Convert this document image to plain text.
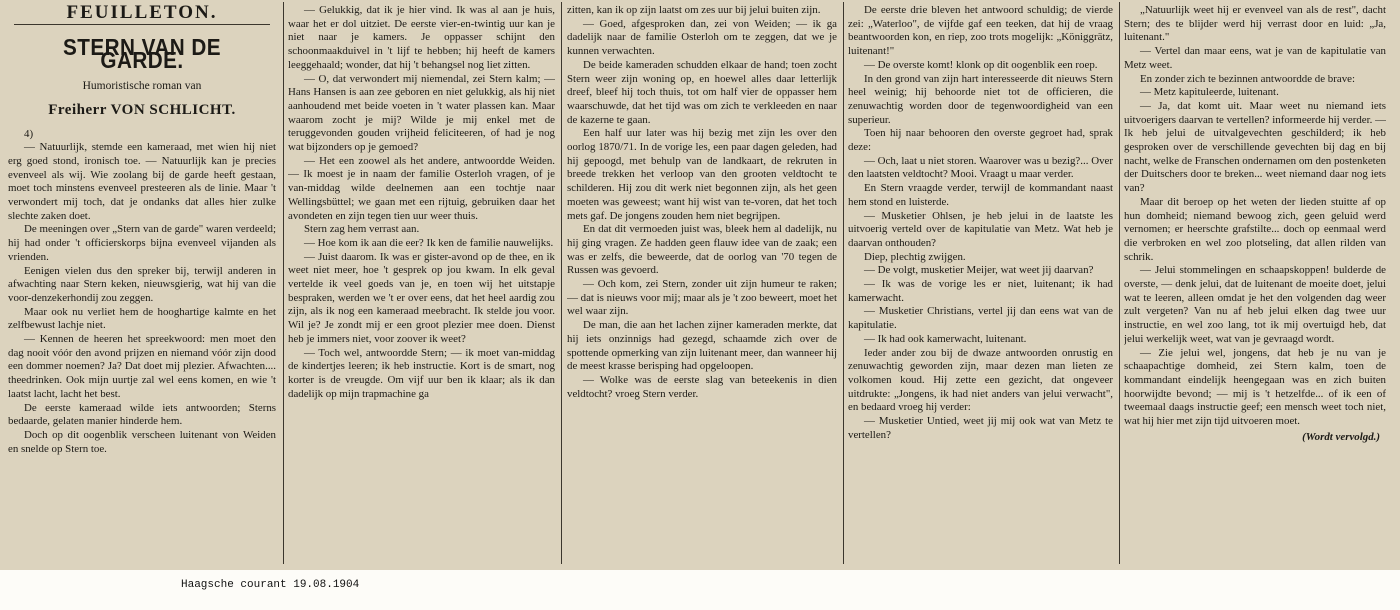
FEUILLETON.
STERN VAN DE GARDE.
Humoristische roman van
Freiherr VON SCHLICHT.

4)

— Natuurlijk, stemde een kameraad, met wien hij niet erg goed stond, ironisch toe. — Natuurlijk kan je precies evenveel als wij. Wie zoolang bij de garde heeft gestaan, moet toch minstens evenveel presteeren als de linie. Maar 't verwondert mij toch, dat je ondanks dat alles hier zulke slechte zaken doet.

De meeningen over „Stern van de garde" waren verdeeld; hij had onder 't officierskorps bijna evenveel vijanden als vrienden.

Eenigen vielen dus den spreker bij, terwijl anderen in afwachting naar Stern keken, nieuwsgierig, wat hij van die voor-denzekerhondij zou zeggen.

Maar ook nu verliet hem de hooghartige kalmte en het zelfbewust lachje niet.

— Kennen de heeren het spreekwoord: men moet den dag nooit vóór den avond prijzen en niemand vóór zijn dood een dommer noemen? Ja? Dat doet mij plezier. Afwachten.... theedrinken. Ook mijn uurtje zal wel eens komen, en wie 't laatst lacht, lacht het best.

De eerste kameraad wilde iets antwoorden; Sterns bedaarde, gelaten manier hinderde hem.

Doch op dit oogenblik verscheen luitenant von Weiden en snelde op Stern toe.

— Gelukkig, dat ik je hier vind. Ik was al aan je huis, waar het er dol uitziet. De eerste vier-en-twintig uur kan je niet naar je kamers. Je oppasser schijnt den schoonmaakduivel in 't lijf te hebben; hij heeft de kamers leeggehaald; wonder, dat hij 't behangsel nog liet zitten.

— O, dat verwondert mij niemendal, zei Stern kalm; — Hans Hansen is aan zee geboren en niet gelukkig, als hij niet aanhoudend met beide voeten in 't water plassen kan. Maar waarom zocht je mij? Wilde je mij enkel met de teruggevonden gouden vrijheid feliciteeren, of had je nog wat bijzonders op je gemoed?

— Het een zoowel als het andere, antwoordde Weiden. — Ik moest je in naam der familie Osterloh vragen, of je van-middag wilde deelnemen aan een tochtje naar Wellingsbüttel; we gaan met een rijtuig, gebruiken daar het avondeten en zijn tegen tien uur weer thuis.

Stern zag hem verrast aan.

— Hoe kom ik aan die eer? Ik ken de familie nauwelijks.

— Juist daarom. Ik was er gister-avond op de thee, en ik weet niet meer, hoe 't gesprek op jou kwam. In elk geval vertelde ik veel goeds van je, en toen wij het uitstapje bespraken, werden we 't er over eens, dat het heel aardig zou zijn, als ik nog een kameraad meebracht. Ik stelde jou voor. Wil je? Je zondt mij er een groot plezier mee doen. Dienst heb je immers niet, voor zoover ik weet?

— Toch wel, antwoordde Stern; — ik moet van-middag de kindertjes leeren; ik heb instructie. Kort is de smart, nog korter is de vreugde. Om vijf uur ben ik klaar; als ik dan dadelijk op mijn trapmachine ga

zitten, kan ik op zijn laatst om zes uur bij jelui buiten zijn.

— Goed, afgesproken dan, zei von Weiden; — ik ga dadelijk naar de familie Osterloh om te zeggen, dat we je kunnen verwachten.

De beide kameraden schudden elkaar de hand; toen zocht Stern weer zijn woning op, en hoewel alles daar letterlijk dreef, bleef hij toch thuis, tot om half vier de oppasser hem waarschuwde, dat het tijd was om zich te verkleeden en naar de kazerne te gaan.

Een half uur later was hij bezig met zijn les over den oorlog 1870/71. In de vorige les, een paar dagen geleden, had hij gepoogd, met behulp van de landkaart, de rekruten in breede trekken het verloop van den grooten veldtocht te schilderen. Hij zou dit werk niet begonnen zijn, als het geen moeten was geweest; want hij wist van te-voren, dat het toch mets gaf. De jongens zouden hem niet begrijpen.

En dat dit vermoeden juist was, bleek hem al dadelijk, nu hij ging vragen. Ze hadden geen flauw idee van de zaak; een was er zelfs, die beweerde, dat de oorlog van '70 tegen de Russen was gevoerd.

— Och kom, zei Stern, zonder uit zijn humeur te raken; — dat is nieuws voor mij; maar als je 't zoo beweert, moet het wel waar zijn.

De man, die aan het lachen zijner kameraden merkte, dat hij iets onzinnigs had gezegd, schaamde zich over de spottende opmerking van zijn luitenant meer, dan wanneer hij de meest krasse berisping had opgeloopen.

— Wolke was de eerste slag van beteekenis in dien veldtocht? vroeg Stern verder.

De eerste drie bleven het antwoord schuldig; de vierde zei: „Waterloo", de vijfde gaf een teeken, dat hij de vraag beantwoorden kon, en riep, zoo trots mogelijk: „Königgrätz, luitenant!"

— De overste komt! klonk op dit oogenblik een roep.

In den grond van zijn hart interesseerde dit nieuws Stern heel weinig; hij behoorde niet tot de officieren, die zenuwachtig worden door de tegenwoordigheid van een superieur.

Toen hij naar behooren den overste gegroet had, sprak deze:

— Och, laat u niet storen. Waarover was u bezig?... Over den laatsten veldtocht? Mooi. Vraagt u maar verder.

En Stern vraagde verder, terwijl de kommandant naast hem stond en luisterde.

— Musketier Ohlsen, je heb jelui in de laatste les uitvoerig verteld over de kapitulatie van Metz. Wat heb je daarvan onthouden?

Diep, plechtig zwijgen.

— De volgt, musketier Meijer, wat weet jij daarvan?

— Ik was de vorige les er niet, luitenant; ik had kamerwacht.

— Musketier Christians, vertel jij dan eens wat van de kapitulatie.

— Ik had ook kamerwacht, luitenant.

Ieder ander zou bij de dwaze antwoorden onrustig en zenuwachtig geworden zijn, maar dezen man lieten ze volkomen koud. Hij zette een gezicht, dat ongeveer uitdrukte: „Jongens, ik had niet anders van jelui verwacht", en bedaard vroeg hij verder:

— Musketier Untied, weet jij mij ook wat van Metz te vertellen?

„Natuurlijk weet hij er evenveel van als de rest", dacht Stern; des te blijder werd hij verrast door en luid: „Ja, luitenant."

— Vertel dan maar eens, wat je van de kapitulatie van Metz weet.

En zonder zich te bezinnen antwoordde de brave:

— Metz kapituleerde, luitenant.

— Ja, dat komt uit. Maar weet nu niemand iets uitvoerigers daarvan te vertellen? informeerde hij verder. — Ik heb jelui de uitvalgevechten geschilderd; ik heb gesproken over de verschillende gevechten bij dag en bij nacht, welke de Franschen ondernamen om den postenketen der Duitschers door te breken... weet niemand daar nog iets van?

Maar dit beroep op het weten der lieden stuitte af op hun domheid; niemand bewoog zich, geen geluid werd vernomen; er heerschte grafstilte... doch op eenmaal werd die verbroken en wel zoo plotseling, dat allen rilden van schrik.

— Jelui stommelingen en schaapskoppen! bulderde de overste, — denk jelui, dat de luitenant de moeite doet, jelui wat te leeren, alleen omdat je het den volgenden dag weer zult vergeten? Van nu af heb jelui elken dag twee uur instructie, en wel zoo lang, tot ik mij overtuigd heb, dat jelui werkelijk weet, wat van je gevraagd wordt.

— Zie jelui wel, jongens, dat heb je nu van je schaapachtige domheid, zei Stern kalm, toen de kommandant eindelijk heengegaan was en zich buiten hoorwijdte bevond; — mij is 't hetzelfde... of ik een of tweemaal daags instructie geef; een mensch weet toch niet, wat hij hier met zijn tijd uitvoeren moet.

(Wordt vervolgd.)
Haagsche courant 19.08.1904
